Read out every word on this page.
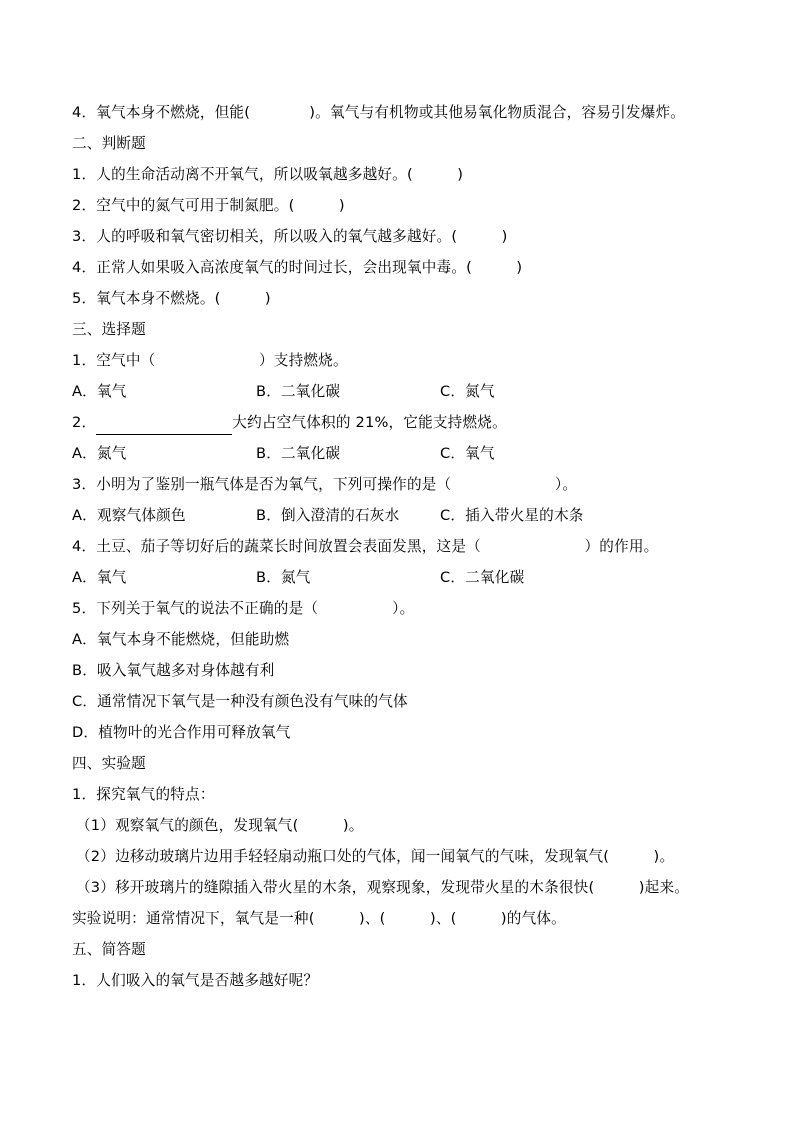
4．氧气本身不燃烧，但能(　　　　)。氧气与有机物或其他易氧化物质混合，容易引发爆炸。
二、判断题
1．人的生命活动离不开氧气，所以吸氧越多越好。(　　　)
2．空气中的氮气可用于制氮肥。(　　　)
3．人的呼吸和氧气密切相关，所以吸入的氧气越多越好。(　　　)
4．正常人如果吸入高浓度氧气的时间过长，会出现氧中毒。(　　　)
5．氧气本身不燃烧。(　　　)
三、选择题
1．空气中（　　　　　　　）支持燃烧。

A．氧气

	B．二氧化碳

	C．氮气

2．	大约占空气体积的 21%，它能支持燃烧。

A．氮气

	B．二氧化碳

	C．氧气

3．小明为了鉴别一瓶气体是否为氧气，下列可操作的是（　　　　　　　）。

A．观察气体颜色

	B．倒入澄清的石灰水

	C．插入带火星的木条

4．土豆、茄子等切好后的蔬菜长时间放置会表面发黑，这是（　　　　　　　）的作用。

A．氧气

	B．氮气

	C．二氧化碳

5．下列关于氧气的说法不正确的是（　　　　　）。
A．氧气本身不能燃烧，但能助燃
B．吸入氧气越多对身体越有利
C．通常情况下氧气是一种没有颜色没有气味的气体
D．植物叶的光合作用可释放氧气
四、实验题
1．探究氧气的特点：
（1）观察氧气的颜色，发现氧气(　　　)。
（2）边移动玻璃片边用手轻轻扇动瓶口处的气体，闻一闻氧气的气味，发现氧气(　　　)。
（3）移开玻璃片的缝隙插入带火星的木条，观察现象，发现带火星的木条很快(　　　)起来。
实验说明：通常情况下，氧气是一种(　　　)、(　　　)、(　　　)的气体。
五、简答题
1．人们吸入的氧气是否越多越好呢？
